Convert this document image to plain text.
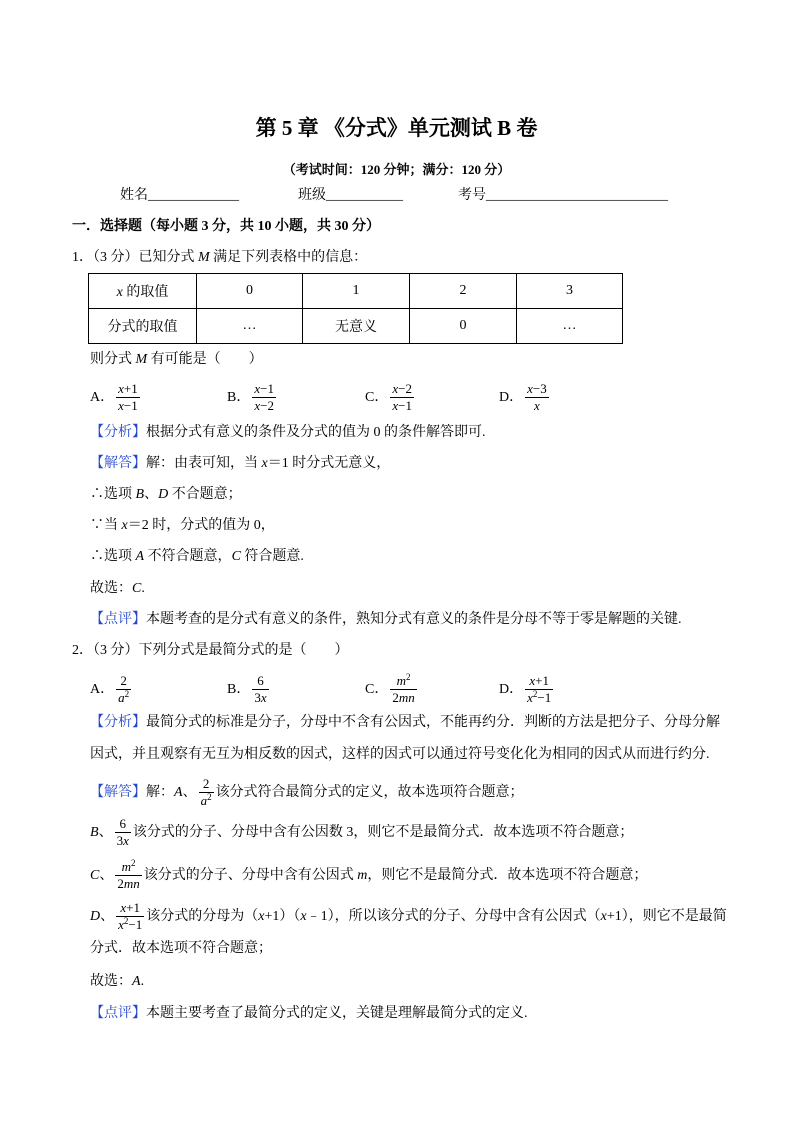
第 5 章 《分式》单元测试 B 卷
（考试时间：120 分钟；满分：120 分）
姓名_____________	班级___________	考号__________________________
一．选择题（每小题 3 分，共 10 小题，共 30 分）
1．（3 分）已知分式 M 满足下列表格中的信息：
x 的取值	0	1	2	3
分式的取值	…	无意义	0	…
则分式 M 有可能是（　　）
A． $\frac{x+1}{x-1}$	B． $\frac{x-1}{x-2}$	C． $\frac{x-2}{x-1}$	D． $\frac{x-3}{x}$
【分析】根据分式有意义的条件及分式的值为 0 的条件解答即可.
【解答】解：由表可知，当 x＝1 时分式无意义，
∴选项 B、D 不合题意；
∵当 x＝2 时，分式的值为 0，
∴选项 A 不符合题意，C 符合题意.
故选：C.
【点评】本题考查的是分式有意义的条件，熟知分式有意义的条件是分母不等于零是解题的关键.
2．（3 分）下列分式是最简分式的是（　　）
A． $\frac{2}{a^2}$	B． $\frac{6}{3x}$	C． $\frac{m^2}{2mn}$	D． $\frac{x+1}{x^2-1}$
【分析】最简分式的标准是分子，分母中不含有公因式，不能再约分．判断的方法是把分子、分母分解
因式，并且观察有无互为相反数的因式，这样的因式可以通过符号变化化为相同的因式从而进行约分.
【解答】解：A、 $\frac{2}{a^2}$ 该分式符合最简分式的定义，故本选项符合题意；
B、 $\frac{6}{3x}$ 该分式的分子、分母中含有公因数 3，则它不是最简分式．故本选项不符合题意；
C、 $\frac{m^2}{2mn}$ 该分式的分子、分母中含有公因式 m，则它不是最简分式．故本选项不符合题意；
D、 $\frac{x+1}{x^2-1}$ 该分式的分母为（x+1）（x﹣1），所以该分式的分子、分母中含有公因式（x+1），则它不是最简
分式．故本选项不符合题意；
故选：A.
【点评】本题主要考查了最简分式的定义，关键是理解最简分式的定义.
